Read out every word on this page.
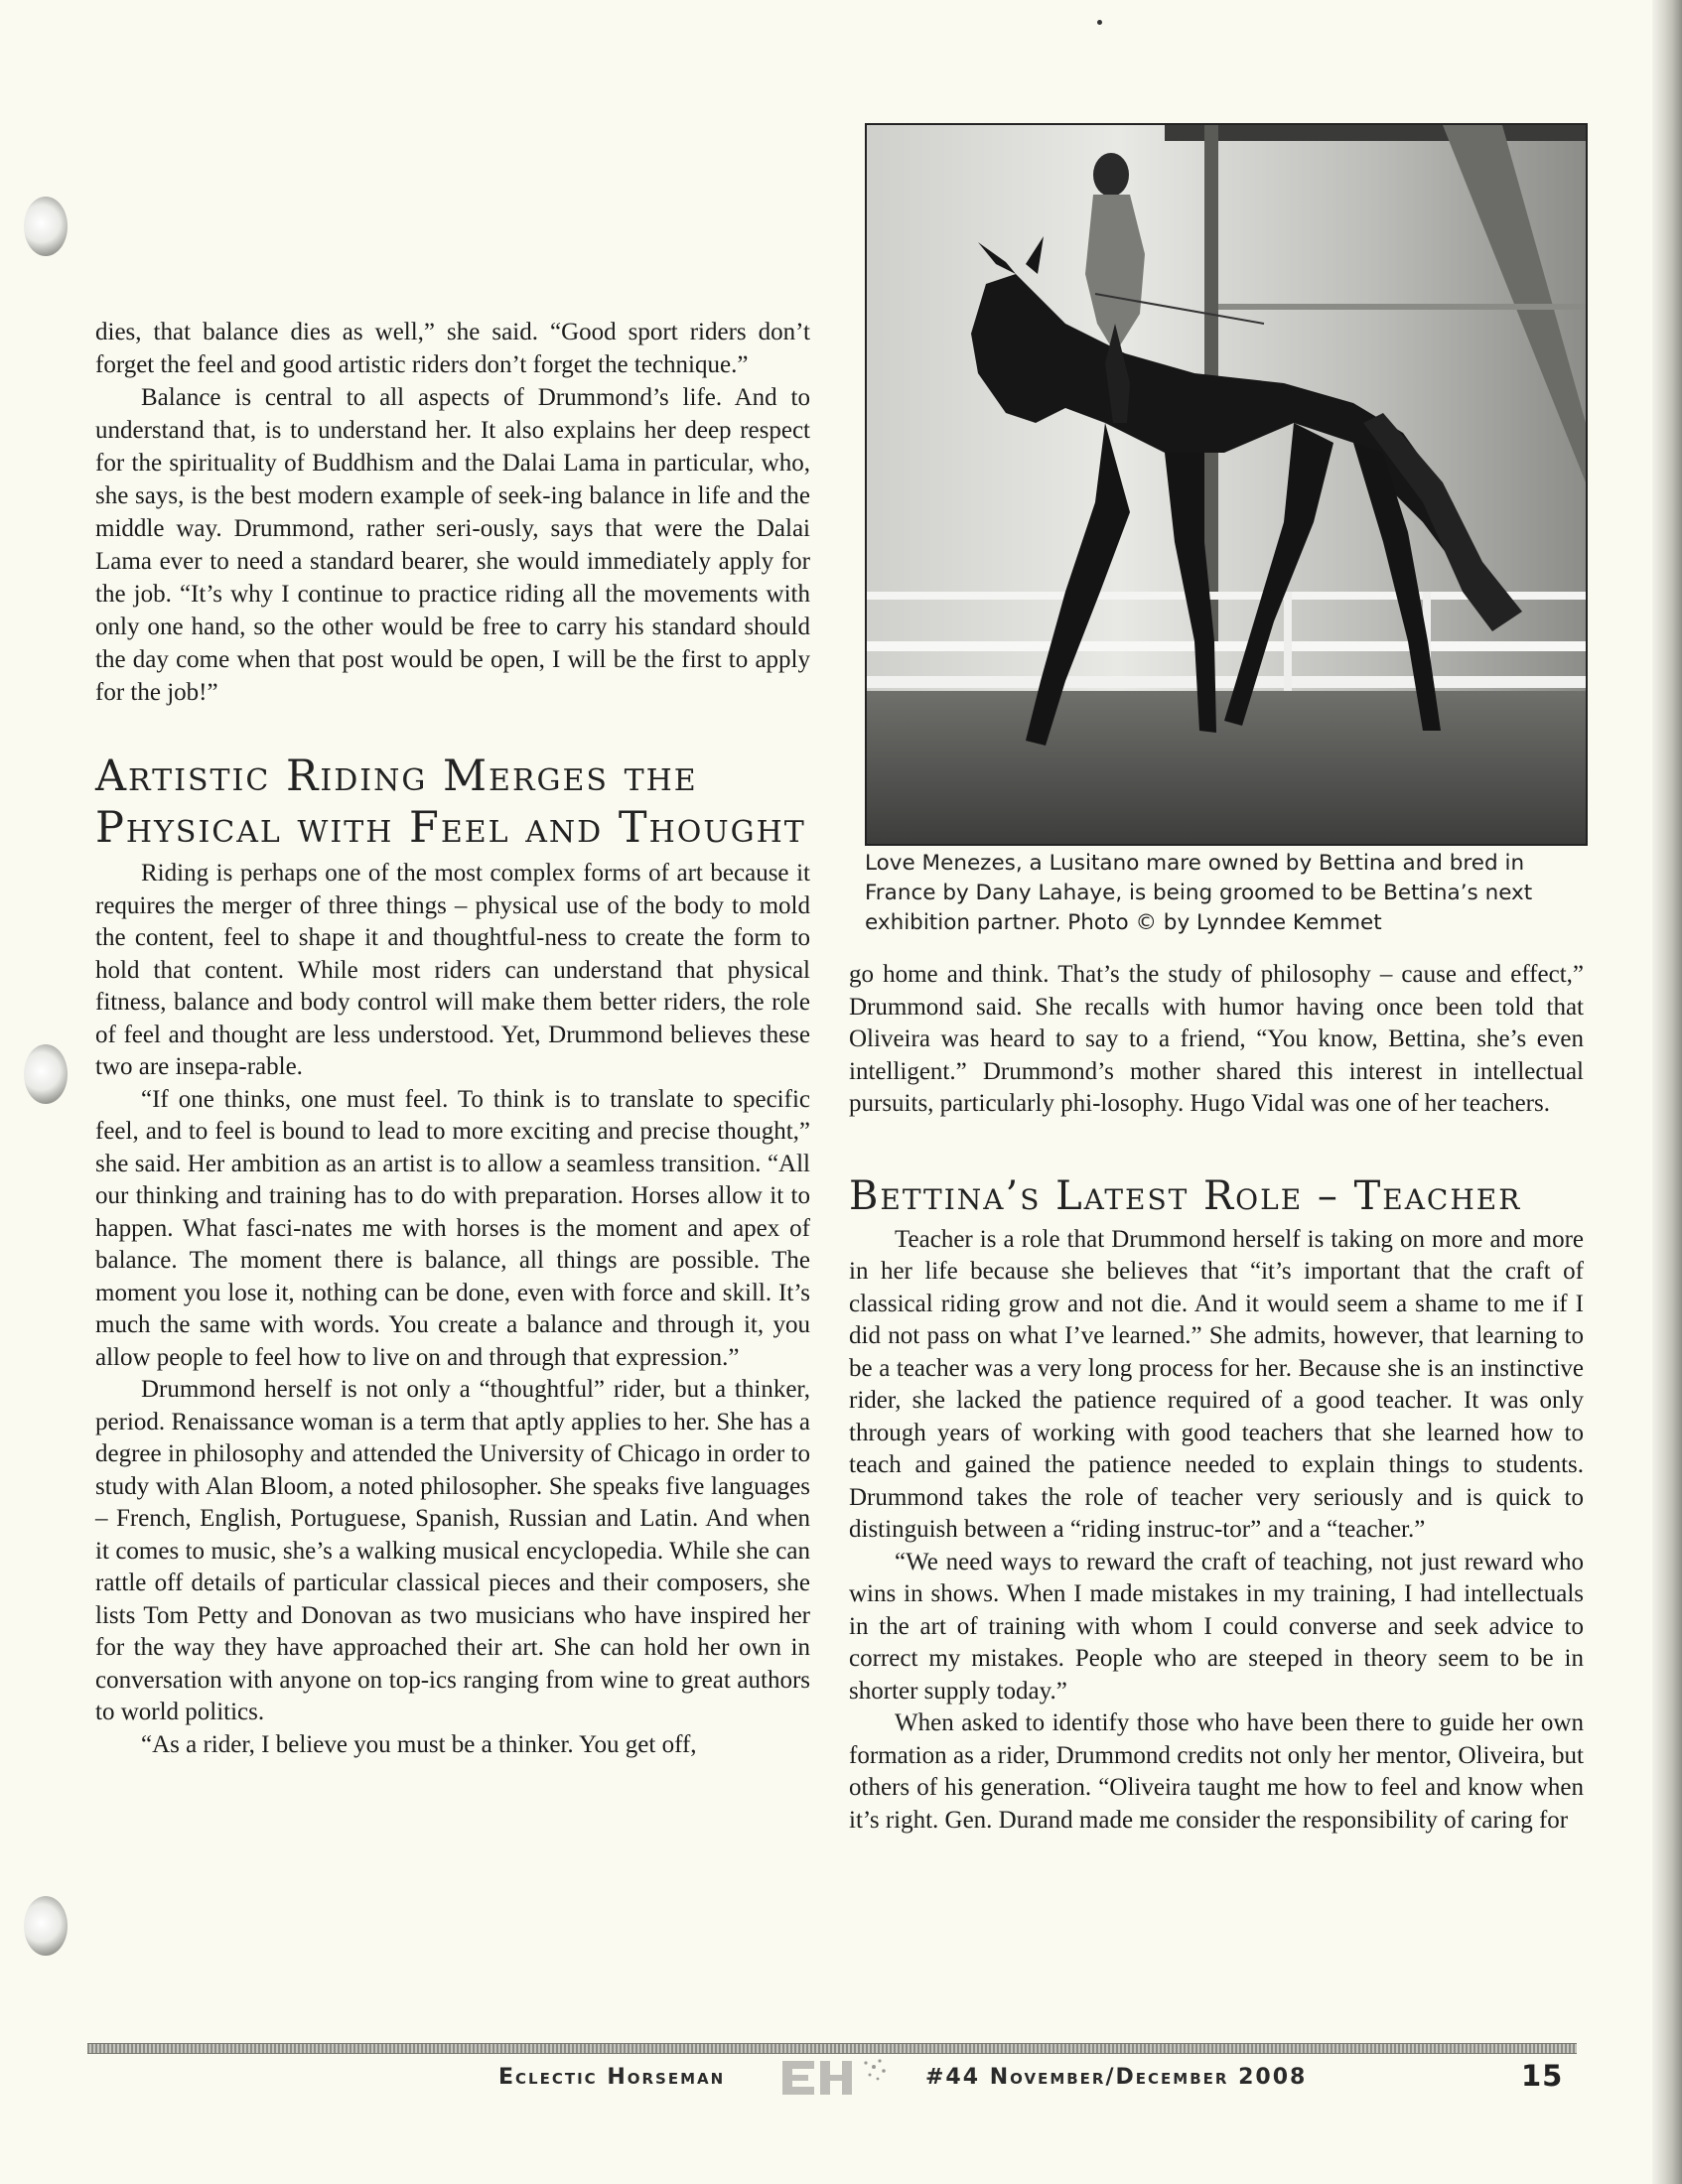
dies, that balance dies as well,” she said. “Good sport riders don’t forget the feel and good artistic riders don’t forget the technique.”

Balance is central to all aspects of Drummond’s life. And to understand that, is to understand her. It also explains her deep respect for the spirituality of Buddhism and the Dalai Lama in particular, who, she says, is the best modern example of seek-ing balance in life and the middle way. Drummond, rather seri-ously, says that were the Dalai Lama ever to need a standard bearer, she would immediately apply for the job. “It’s why I continue to practice riding all the movements with only one hand, so the other would be free to carry his standard should the day come when that post would be open, I will be the first to apply for the job!”

Artistic Riding Merges the Physical with Feel and Thought

Riding is perhaps one of the most complex forms of art because it requires the merger of three things – physical use of the body to mold the content, feel to shape it and thoughtful-ness to create the form to hold that content. While most riders can understand that physical fitness, balance and body control will make them better riders, the role of feel and thought are less understood. Yet, Drummond believes these two are insepa-rable.

“If one thinks, one must feel. To think is to translate to specific feel, and to feel is bound to lead to more exciting and precise thought,” she said. Her ambition as an artist is to allow a seamless transition. “All our thinking and training has to do with preparation. Horses allow it to happen. What fasci-nates me with horses is the moment and apex of balance. The moment there is balance, all things are possible. The moment you lose it, nothing can be done, even with force and skill. It’s much the same with words. You create a balance and through it, you allow people to feel how to live on and through that expression.”

Drummond herself is not only a “thoughtful” rider, but a thinker, period. Renaissance woman is a term that aptly applies to her. She has a degree in philosophy and attended the University of Chicago in order to study with Alan Bloom, a noted philosopher. She speaks five languages – French, English, Portuguese, Spanish, Russian and Latin. And when it comes to music, she’s a walking musical encyclopedia. While she can rattle off details of particular classical pieces and their composers, she lists Tom Petty and Donovan as two musicians who have inspired her for the way they have approached their art. She can hold her own in conversation with anyone on top-ics ranging from wine to great authors to world politics.

“As a rider, I believe you must be a thinker. You get off,

Love Menezes, a Lusitano mare owned by Bettina and bred in France by Dany Lahaye, is being groomed to be Bettina’s next exhibition partner. Photo © by Lynndee Kemmet

go home and think. That’s the study of philosophy – cause and effect,” Drummond said. She recalls with humor having once been told that Oliveira was heard to say to a friend, “You know, Bettina, she’s even intelligent.” Drummond’s mother shared this interest in intellectual pursuits, particularly phi-losophy. Hugo Vidal was one of her teachers.

Bettina’s Latest Role – Teacher

Teacher is a role that Drummond herself is taking on more and more in her life because she believes that “it’s important that the craft of classical riding grow and not die. And it would seem a shame to me if I did not pass on what I’ve learned.” She admits, however, that learning to be a teacher was a very long process for her. Because she is an instinctive rider, she lacked the patience required of a good teacher. It was only through years of working with good teachers that she learned how to teach and gained the patience needed to explain things to students. Drummond takes the role of teacher very seriously and is quick to distinguish between a “riding instruc-tor” and a “teacher.”

“We need ways to reward the craft of teaching, not just reward who wins in shows. When I made mistakes in my training, I had intellectuals in the art of training with whom I could converse and seek advice to correct my mistakes. People who are steeped in theory seem to be in shorter supply today.”

When asked to identify those who have been there to guide her own formation as a rider, Drummond credits not only her mentor, Oliveira, but others of his generation. “Oliveira taught me how to feel and know when it’s right. Gen. Durand made me consider the responsibility of caring for

Eclectic Horseman	#44 November/December 2008	15
